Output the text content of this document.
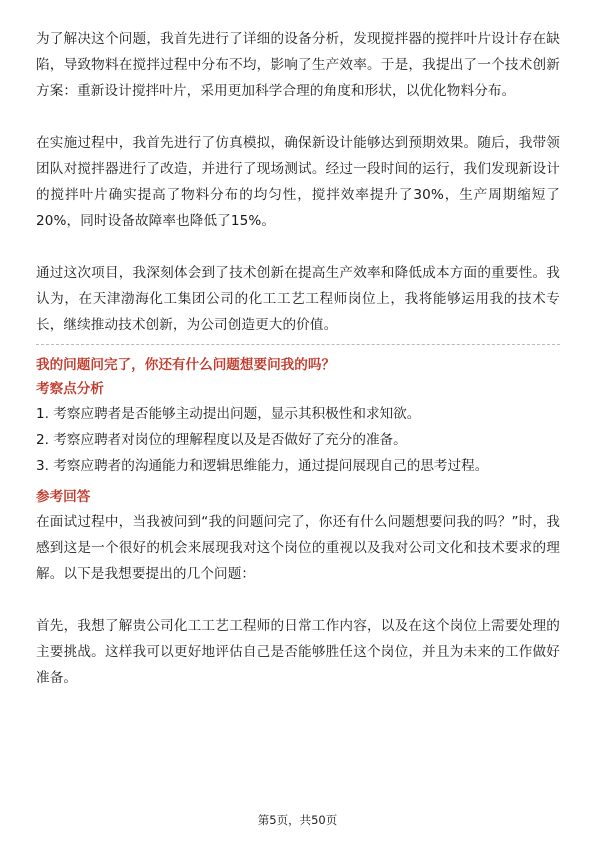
为了解决这个问题，我首先进行了详细的设备分析，发现搅拌器的搅拌叶片设计存在缺陷，导致物料在搅拌过程中分布不均，影响了生产效率。于是，我提出了一个技术创新方案：重新设计搅拌叶片，采用更加科学合理的角度和形状，以优化物料分布。

在实施过程中，我首先进行了仿真模拟，确保新设计能够达到预期效果。随后，我带领团队对搅拌器进行了改造，并进行了现场测试。经过一段时间的运行，我们发现新设计的搅拌叶片确实提高了物料分布的均匀性，搅拌效率提升了30%，生产周期缩短了20%，同时设备故障率也降低了15%。

通过这次项目，我深刻体会到了技术创新在提高生产效率和降低成本方面的重要性。我认为，在天津渤海化工集团公司的化工工艺工程师岗位上，我将能够运用我的技术专长，继续推动技术创新，为公司创造更大的价值。

我的问题问完了，你还有什么问题想要问我的吗？

考察点分析

1. 考察应聘者是否能够主动提出问题，显示其积极性和求知欲。
2. 考察应聘者对岗位的理解程度以及是否做好了充分的准备。
3. 考察应聘者的沟通能力和逻辑思维能力，通过提问展现自己的思考过程。

参考回答

在面试过程中，当我被问到“我的问题问完了，你还有什么问题想要问我的吗？”时，我感到这是一个很好的机会来展现我对这个岗位的重视以及我对公司文化和技术要求的理解。以下是我想要提出的几个问题：

首先，我想了解贵公司化工工艺工程师的日常工作内容，以及在这个岗位上需要处理的主要挑战。这样我可以更好地评估自己是否能够胜任这个岗位，并且为未来的工作做好准备。

第5页，共50页
